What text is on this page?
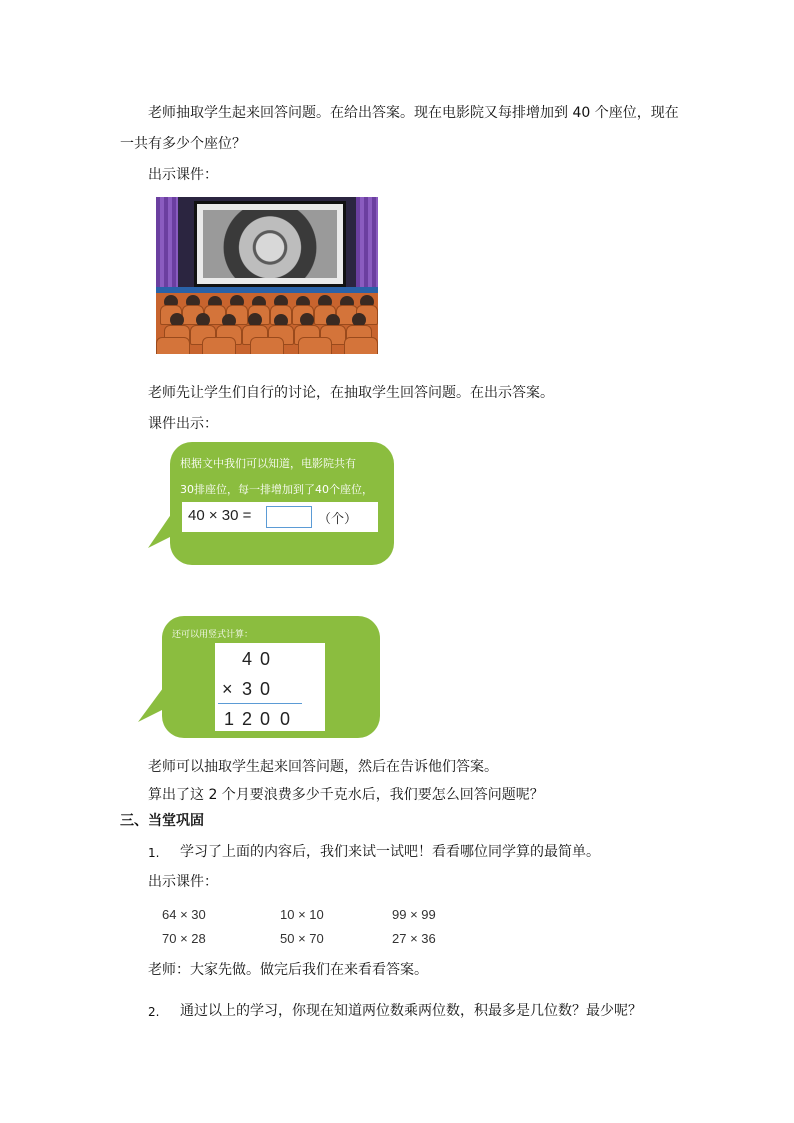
老师抽取学生起来回答问题。在给出答案。现在电影院又每排增加到 40 个座位，现在
一共有多少个座位？
出示课件：
老师先让学生们自行的讨论，在抽取学生回答问题。在出示答案。
课件出示：
根据文中我们可以知道，电影院共有
30排座位，每一排增加到了40个座位，
40 × 30 =	（个）
还可以用竖式计算：
4 0
× 3 0
1 2 0 0
老师可以抽取学生起来回答问题，然后在告诉他们答案。
算出了这 2 个月要浪费多少千克水后，我们要怎么回答问题呢？
三、当堂巩固
1. 学习了上面的内容后，我们来试一试吧！看看哪位同学算的最简单。
出示课件：
64 × 30	10 × 10	99 × 99
70 × 28	50 × 70	27 × 36
老师：大家先做。做完后我们在来看看答案。
2. 通过以上的学习，你现在知道两位数乘两位数，积最多是几位数？最少呢？
